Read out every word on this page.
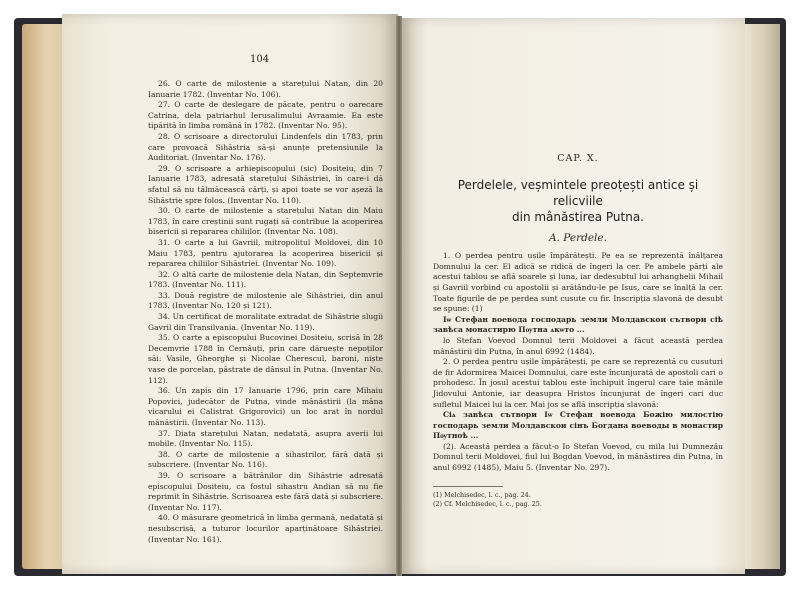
104

26. O carte de milostenie a starețului Natan, din 20 Ianuarie 1782. (Inventar No. 106).

27. O carte de deslegare de păcate, pentru o oarecare Catrina, dela patriarhul Ierusalimului Avraamie. Ea este tipărită în limba română în 1782. (Inventar No. 95).

28. O scrisoare a directorului Lindenfels din 1783, prin care provoacă Sihăstria să-și anunțe pretensiunile la Auditoriat. (Inventar No. 176).

29. O scrisoare a arhiepiscopului (sic) Dositeiu, din 7 Ianuarie 1783, adresată starețului Sihăstriei, în care-i dă sfatul să nu tălmăcească cărți, și apoi toate se vor așeză la Sihăstrie spre folos. (Inventar No. 110).

30. O carte de milostenie a starețului Natan din Maiu 1783, în care creștinii sunt rugați să contribue la acoperirea bisericii și repararea chiliilor. (Inventar No. 108).

31. O carte a lui Gavriil, mitropolitul Moldovei, din 10 Maiu 1783, pentru ajutorarea la acoperirea bisericii și repararea chiliilor Sihăstriei. (Inventar No. 109).

32. O altă carte de milostenie dela Natan, din Septemvrie 1783. (Inventar No. 111).

33. Două registre de milostenie ale Sihăstriei, din anul 1783. (Inventar No. 120 și 121).

34. Un certificat de moralitate extradat de Sihăstrie slugii Gavril din Transilvania. (Inventar No. 119).

35. O carte a episcopului Bucovinei Dositeiu, scrisă în 28 Decemvrie 1788 în Cernăuți, prin care dăruește nepoților săi: Vasile, Gheorghe și Nicolae Cherescul, baroni, niște vase de porcelan, păstrate de dânsul în Putna. (Inventar No. 112).

36. Un zapis din 17 Ianuarie 1796, prin care Mihaiu Popovici, judecător de Putna, vinde mânăstirii (la mâna vicarului ei Calistrat Grigorovici) un loc arat în nordul mânăstirii. (Inventar No. 113).

37. Diata starețului Natan, nedatată, asupra averii lui mobile. (Inventar No. 115).

38. O carte de milostenie a sihastrilor, fără dată și subscriere. (Inventar No. 116).

39. O scrisoare a bătrânilor din Sihăstrie adresată episcopului Dositeiu, ca fostul sihastru Andian să nu fie reprimit în Sihăstrie. Scrisoarea este fără dată și subscriere. (Inventar No. 117).

40. O măsurare geometrică în limba germană, nedatată și nesubscrisă, a tuturor locurilor aparținătoare Sihăstriei. (Inventar No. 161).

CAP. X.
Perdelele, veșmintele preoțești antice și relicviile
din mânăstirea Putna.
A. Perdele.

1. O perdea pentru ușile împărătești. Pe ea se reprezentă înălțarea Domnului la cer. El adică se ridică de îngeri la cer. Pe ambele părți ale acestui tablou se află soarele și luna, iar dedesubtul lui arhanghelii Mihail și Gavriil vorbind cu apostolii și arătându-le pe Isus, care se înalță la cer. Toate figurile de pe perdea sunt cusute cu fir. Inscripția slavonă de desubt se spune: (1)

Іѡ Стефан воевода господарь земли Молдавскои сътвори сіѣ завѣса монастирю Пѹтна ѧкѡто ...

lo Stefan Voevod Domnul terii Moldovei a făcut această perdea mânăstirii din Putna, în anul 6992 (1484).

2. O perdea pentru ușile împărătești, pe care se reprezentă cu cusuturi de fir Adormirea Maicei Domnului, care este încunjurată de apostoli cari o prohodesc. În josul acestui tablou este închipuit îngerul care taie mânile Jidovului Antonie, iar deasupra Hristos încunjurat de îngeri cari duc sufletul Maicei lui la cer. Mai jos se află inscripția slavonă:

Сіѧ завѣса сътвори Іѡ Стефан воевода Божію милостію господарь земли Молдавскои сінъ Богдана воеводы в монастир Пѹтноѣ ...

(2). Această perdea a făcut-o Io Stefan Voevod, cu mila lui Dumnezău Domnul terii Moldovei, fiul lui Bogdan Voevod, în mânăstirea din Putna, în anul 6992 (1485), Maiu 5. (Inventar No. 297).

(1) Melchisedec, l. c., pag. 24.
(2) Cf. Melchisedec, l. c., pag. 25.
